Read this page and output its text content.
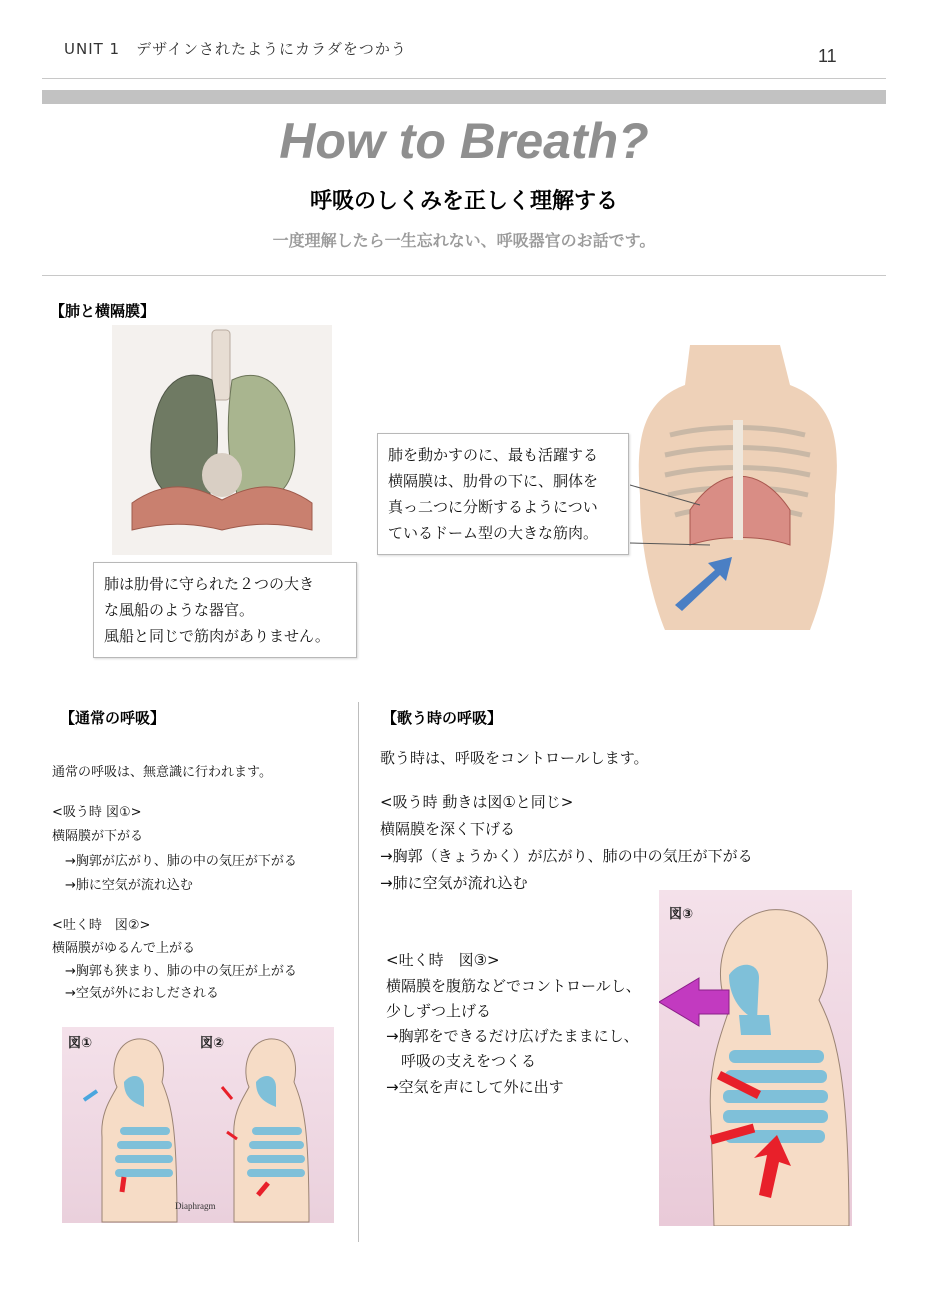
UNIT 1　デザインされたようにカラダをつかう	11
How to Breath?
呼吸のしくみを正しく理解する
一度理解したら一生忘れない、呼吸器官のお話です。
【肺と横隔膜】
肺は肋骨に守られた２つの大き
な風船のような器官。
風船と同じで筋肉がありません。
肺を動かすのに、最も活躍する
横隔膜は、肋骨の下に、胴体を
真っ二つに分断するようについ
ているドーム型の大きな筋肉。
【通常の呼吸】
通常の呼吸は、無意識に行われます。
<吸う時 図①>
横隔膜が下がる
　→胸郭が広がり、肺の中の気圧が下がる
　→肺に空気が流れ込む
<吐く時　図②>
横隔膜がゆるんで上がる
　→胸郭も狭まり、肺の中の気圧が上がる
　→空気が外におしだされる
図①	図②
Diaphragm
【歌う時の呼吸】
歌う時は、呼吸をコントロールします。
<吸う時 動きは図①と同じ>
横隔膜を深く下げる
→胸郭（きょうかく）が広がり、肺の中の気圧が下がる
→肺に空気が流れ込む
<吐く時　図③>
横隔膜を腹筋などでコントロールし、
少しずつ上げる
→胸郭をできるだけ広げたままにし、
　呼吸の支えをつくる
→空気を声にして外に出す
図③
